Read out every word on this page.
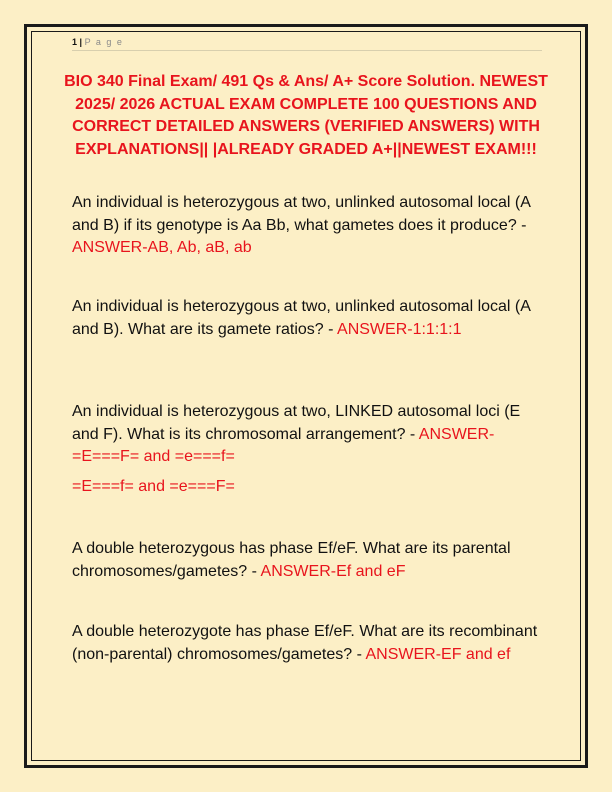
1 | P a g e
BIO 340 Final Exam/ 491 Qs & Ans/ A+ Score Solution. NEWEST 2025/ 2026 ACTUAL EXAM COMPLETE 100 QUESTIONS AND CORRECT DETAILED ANSWERS (VERIFIED ANSWERS) WITH EXPLANATIONS|| |ALREADY GRADED A+||NEWEST EXAM!!!
An individual is heterozygous at two, unlinked autosomal local (A and B) if its genotype is Aa Bb, what gametes does it produce? - ANSWER-AB, Ab, aB, ab
An individual is heterozygous at two, unlinked autosomal local (A and B). What are its gamete ratios? - ANSWER-1:1:1:1
An individual is heterozygous at two, LINKED autosomal loci (E and F). What is its chromosomal arrangement? - ANSWER-=E===F= and =e===f=
=E===f= and =e===F=
A double heterozygous has phase Ef/eF. What are its parental chromosomes/gametes? - ANSWER-Ef and eF
A double heterozygote has phase Ef/eF. What are its recombinant (non-parental) chromosomes/gametes? - ANSWER-EF and ef
